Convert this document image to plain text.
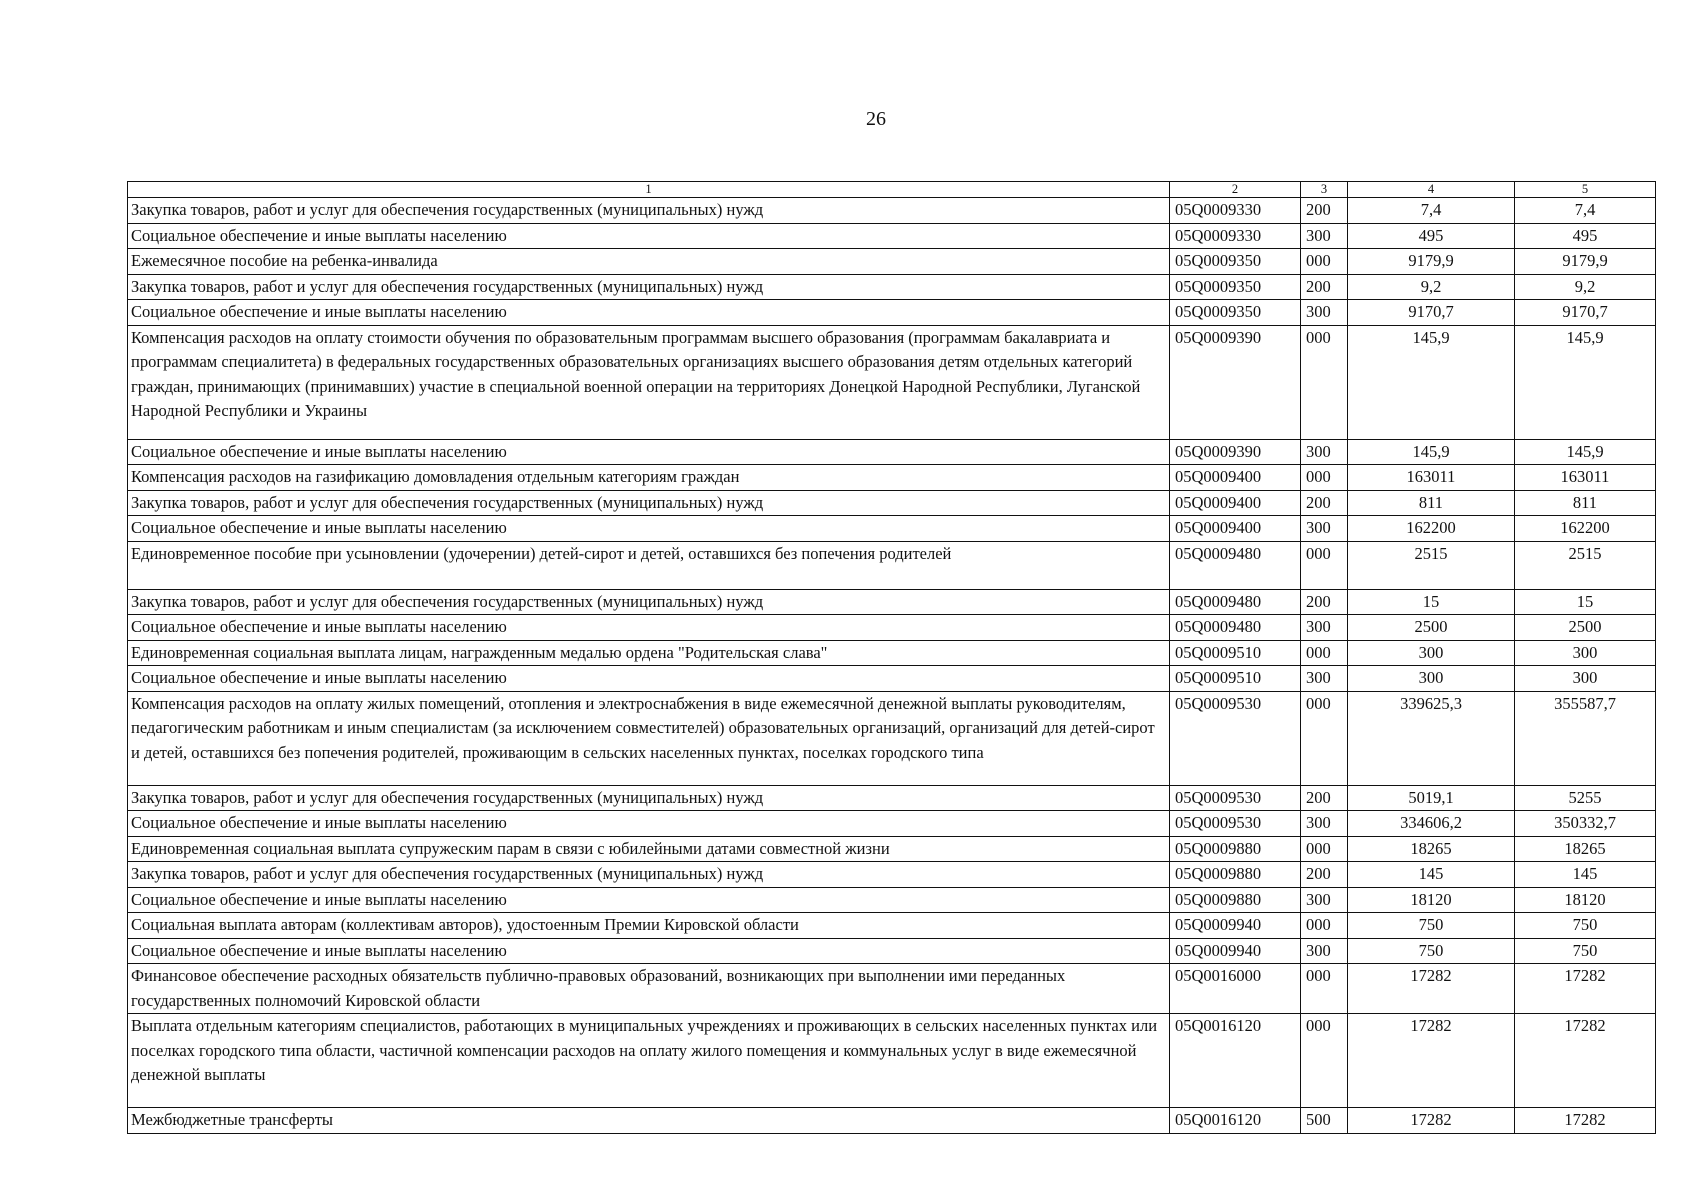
26
1	2	3	4	5
Закупка товаров, работ и услуг для обеспечения государственных (муниципальных) нужд	05Q0009330	200	7,4	7,4
Социальное обеспечение и иные выплаты населению	05Q0009330	300	495	495
Ежемесячное пособие на ребенка-инвалида	05Q0009350	000	9179,9	9179,9
Закупка товаров, работ и услуг для обеспечения государственных (муниципальных) нужд	05Q0009350	200	9,2	9,2
Социальное обеспечение и иные выплаты населению	05Q0009350	300	9170,7	9170,7
Компенсация расходов на оплату стоимости обучения по образовательным программам высшего образования (программам бакалавриата и программам специалитета) в федеральных государственных образовательных организациях высшего образования детям отдельных категорий граждан, принимающих (принимавших) участие в специальной военной операции на территориях Донецкой Народной Республики, Луганской Народной Республики и Украины	05Q0009390	000	145,9	145,9
Социальное обеспечение и иные выплаты населению	05Q0009390	300	145,9	145,9
Компенсация расходов на газификацию домовладения отдельным категориям граждан	05Q0009400	000	163011	163011
Закупка товаров, работ и услуг для обеспечения государственных (муниципальных) нужд	05Q0009400	200	811	811
Социальное обеспечение и иные выплаты населению	05Q0009400	300	162200	162200
Единовременное пособие при усыновлении (удочерении) детей-сирот и детей, оставшихся без попечения родителей	05Q0009480	000	2515	2515
Закупка товаров, работ и услуг для обеспечения государственных (муниципальных) нужд	05Q0009480	200	15	15
Социальное обеспечение и иные выплаты населению	05Q0009480	300	2500	2500
Единовременная социальная выплата лицам, награжденным медалью ордена "Родительская слава"	05Q0009510	000	300	300
Социальное обеспечение и иные выплаты населению	05Q0009510	300	300	300
Компенсация расходов на оплату жилых помещений, отопления и электроснабжения в виде ежемесячной денежной выплаты руководителям, педагогическим работникам и иным специалистам (за исключением совместителей) образовательных организаций, организаций для детей-сирот и детей, оставшихся без попечения родителей, проживающим в сельских населенных пунктах, поселках городского типа	05Q0009530	000	339625,3	355587,7
Закупка товаров, работ и услуг для обеспечения государственных (муниципальных) нужд	05Q0009530	200	5019,1	5255
Социальное обеспечение и иные выплаты населению	05Q0009530	300	334606,2	350332,7
Единовременная социальная выплата супружеским парам в связи с юбилейными датами совместной жизни	05Q0009880	000	18265	18265
Закупка товаров, работ и услуг для обеспечения государственных (муниципальных) нужд	05Q0009880	200	145	145
Социальное обеспечение и иные выплаты населению	05Q0009880	300	18120	18120
Социальная выплата авторам (коллективам авторов), удостоенным Премии Кировской области	05Q0009940	000	750	750
Социальное обеспечение и иные выплаты населению	05Q0009940	300	750	750
Финансовое обеспечение расходных обязательств публично-правовых образований, возникающих при выполнении ими переданных государственных полномочий Кировской области	05Q0016000	000	17282	17282
Выплата отдельным категориям специалистов, работающих в муниципальных учреждениях и проживающих в сельских населенных пунктах или поселках городского типа области, частичной компенсации расходов на оплату жилого помещения и коммунальных услуг в виде ежемесячной денежной выплаты	05Q0016120	000	17282	17282
Межбюджетные трансферты	05Q0016120	500	17282	17282
